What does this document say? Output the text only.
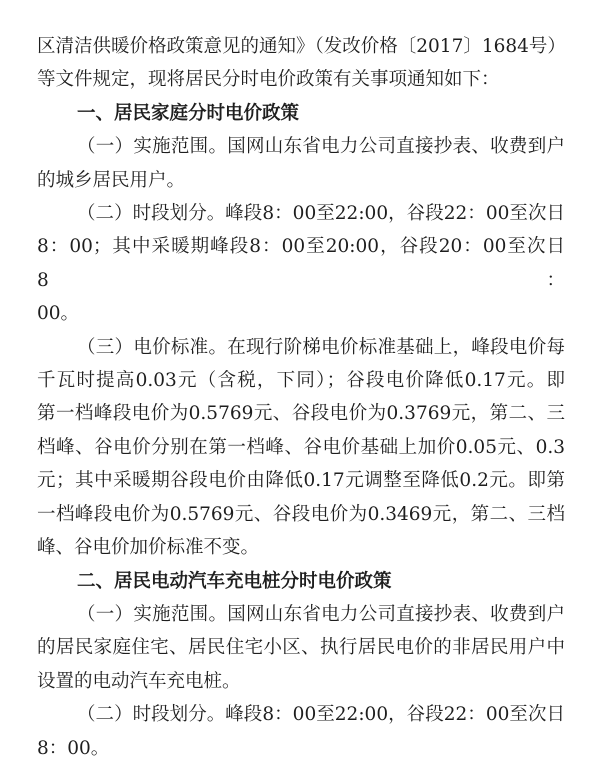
区清洁供暖价格政策意见的通知》（发改价格〔2017〕1684号）
等文件规定，现将居民分时电价政策有关事项通知如下：
一、居民家庭分时电价政策
（一）实施范围。国网山东省电力公司直接抄表、收费到户
的城乡居民用户。
（二）时段划分。峰段8：00至22:00，谷段22：00至次日
8：00；其中采暖期峰段8：00至20:00，谷段20：00至次日8：
00。
（三）电价标准。在现行阶梯电价标准基础上，峰段电价每
千瓦时提高0.03元（含税，下同）；谷段电价降低0.17元。即
第一档峰段电价为0.5769元、谷段电价为0.3769元，第二、三
档峰、谷电价分别在第一档峰、谷电价基础上加价0.05元、0.3
元；其中采暖期谷段电价由降低0.17元调整至降低0.2元。即第
一档峰段电价为0.5769元、谷段电价为0.3469元，第二、三档
峰、谷电价加价标准不变。
二、居民电动汽车充电桩分时电价政策
（一）实施范围。国网山东省电力公司直接抄表、收费到户
的居民家庭住宅、居民住宅小区、执行居民电价的非居民用户中
设置的电动汽车充电桩。
（二）时段划分。峰段8：00至22:00，谷段22：00至次日
8：00。
